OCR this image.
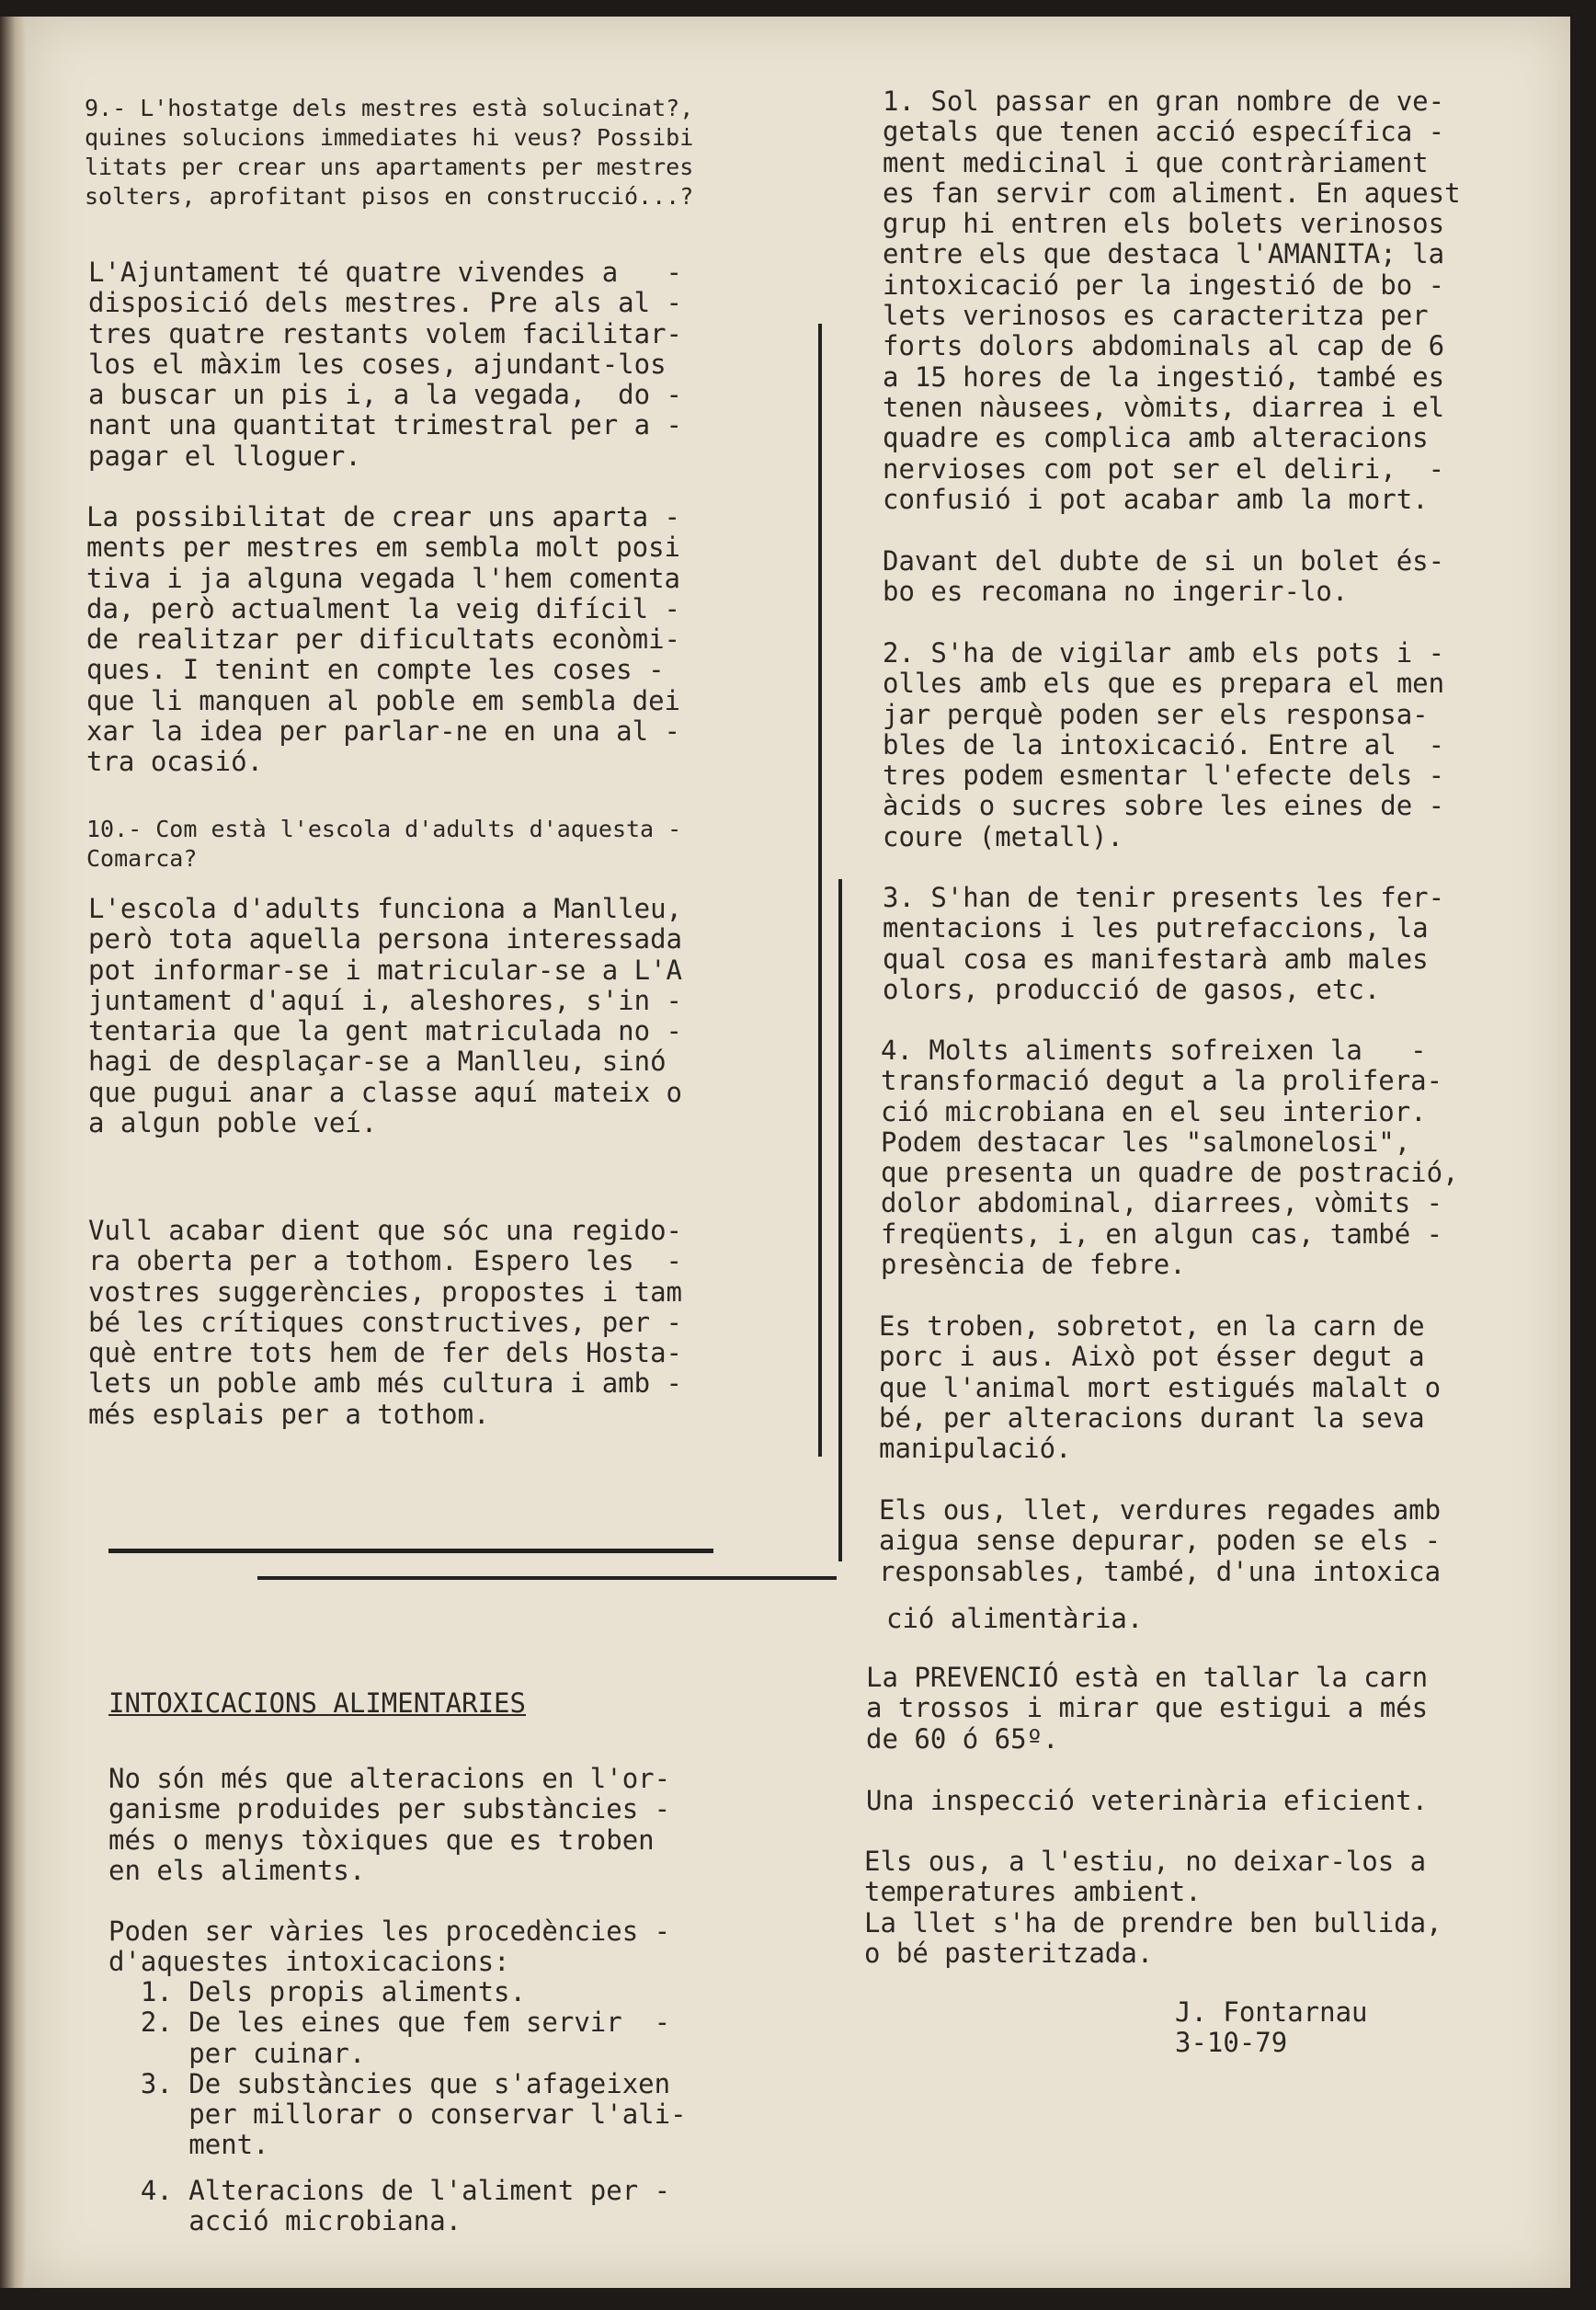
9.- L'hostatge dels mestres està solucinat?,
quines solucions immediates hi veus? Possibi
litats per crear uns apartaments per mestres
solters, aprofitant pisos en construcció...?
L'Ajuntament té quatre vivendes a   -
disposició dels mestres. Pre als al -
tres quatre restants volem facilitar-
los el màxim les coses, ajundant-los
a buscar un pis i, a la vegada,  do -
nant una quantitat trimestral per a -
pagar el lloguer.
La possibilitat de crear uns aparta -
ments per mestres em sembla molt posi
tiva i ja alguna vegada l'hem comenta
da, però actualment la veig difícil -
de realitzar per dificultats econòmi-
ques. I tenint en compte les coses -
que li manquen al poble em sembla dei
xar la idea per parlar-ne en una al -
tra ocasió.
10.- Com està l'escola d'adults d'aquesta -
Comarca?
L'escola d'adults funciona a Manlleu,
però tota aquella persona interessada
pot informar-se i matricular-se a L'A
juntament d'aquí i, aleshores, s'in -
tentaria que la gent matriculada no -
hagi de desplaçar-se a Manlleu, sinó
que pugui anar a classe aquí mateix o
a algun poble veí.
Vull acabar dient que sóc una regido-
ra oberta per a tothom. Espero les  -
vostres suggerències, propostes i tam
bé les crítiques constructives, per -
què entre tots hem de fer dels Hosta-
lets un poble amb més cultura i amb -
més esplais per a tothom.
INTOXICACIONS ALIMENTARIES
No són més que alteracions en l'or-
ganisme produides per substàncies -
més o menys tòxiques que es troben
en els aliments.
Poden ser vàries les procedències -
d'aquestes intoxicacions:
1. Dels propis aliments.
2. De les eines que fem servir  -
per cuinar.
3. De substàncies que s'afageixen
per millorar o conservar l'ali-
ment.
4. Alteracions de l'aliment per -
acció microbiana.
1. Sol passar en gran nombre de ve-
getals que tenen acció específica -
ment medicinal i que contràriament
es fan servir com aliment. En aquest
grup hi entren els bolets verinosos
entre els que destaca l'AMANITA; la
intoxicació per la ingestió de bo -
lets verinosos es caracteritza per
forts dolors abdominals al cap de 6
a 15 hores de la ingestió, també es
tenen nàusees, vòmits, diarrea i el
quadre es complica amb alteracions
nervioses com pot ser el deliri,  -
confusió i pot acabar amb la mort.
Davant del dubte de si un bolet és-
bo es recomana no ingerir-lo.
2. S'ha de vigilar amb els pots i -
olles amb els que es prepara el men
jar perquè poden ser els responsa-
bles de la intoxicació. Entre al  -
tres podem esmentar l'efecte dels -
àcids o sucres sobre les eines de -
coure (metall).
3. S'han de tenir presents les fer-
mentacions i les putrefaccions, la
qual cosa es manifestarà amb males
olors, producció de gasos, etc.
4. Molts aliments sofreixen la   -
transformació degut a la prolifera-
ció microbiana en el seu interior.
Podem destacar les "salmonelosi",
que presenta un quadre de postració,
dolor abdominal, diarrees, vòmits -
freqüents, i, en algun cas, també -
presència de febre.
Es troben, sobretot, en la carn de
porc i aus. Això pot ésser degut a
que l'animal mort estigués malalt o
bé, per alteracions durant la seva
manipulació.
Els ous, llet, verdures regades amb
aigua sense depurar, poden se els -
responsables, també, d'una intoxica
ció alimentària.
La PREVENCIÓ està en tallar la carn
a trossos i mirar que estigui a més
de 60 ó 65º.
Una inspecció veterinària eficient.
Els ous, a l'estiu, no deixar-los a
temperatures ambient.
La llet s'ha de prendre ben bullida,
o bé pasteritzada.
J. Fontarnau
3-10-79
